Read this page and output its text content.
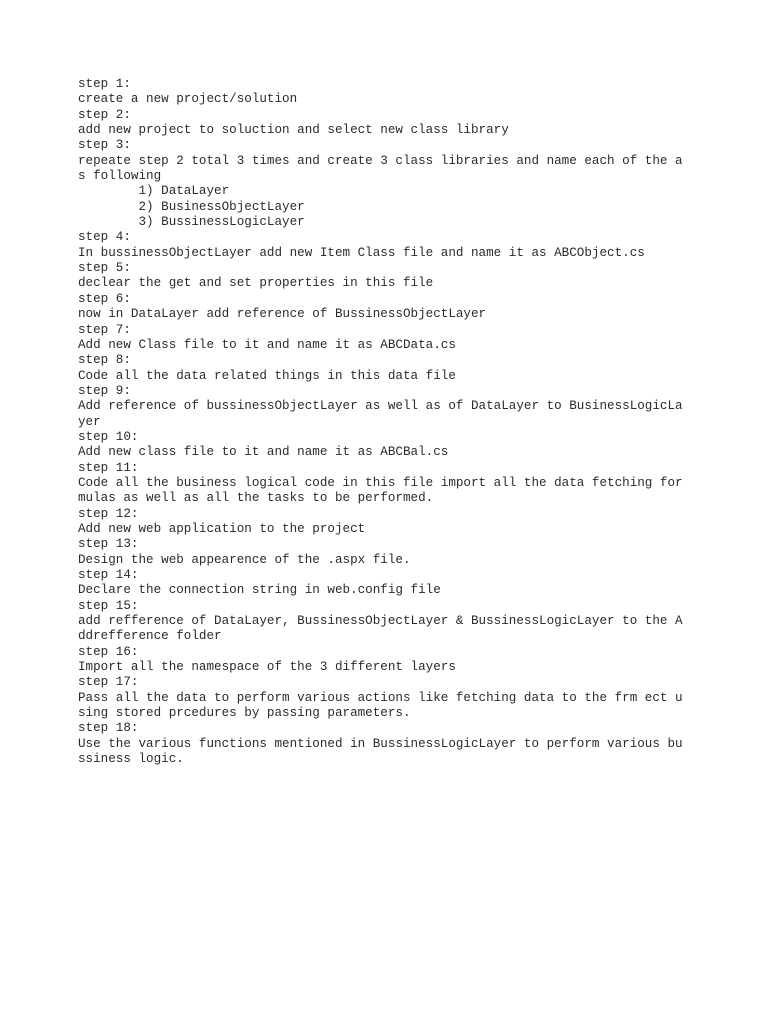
step 1:
create a new project/solution
step 2:
add new project to soluction and select new class library
step 3:
repeate step 2 total 3 times and create 3 class libraries and name each of the a
s following
1) DataLayer
2) BusinessObjectLayer
3) BussinessLogicLayer
step 4:
In bussinessObjectLayer add new Item Class file and name it as ABCObject.cs
step 5:
declear the get and set properties in this file
step 6:
now in DataLayer add reference of BussinessObjectLayer
step 7:
Add new Class file to it and name it as ABCData.cs
step 8:
Code all the data related things in this data file
step 9:
Add reference of bussinessObjectLayer as well as of DataLayer to BusinessLogicLa
yer
step 10:
Add new class file to it and name it as ABCBal.cs
step 11:
Code all the business logical code in this file import all the data fetching for
mulas as well as all the tasks to be performed.
step 12:
Add new web application to the project
step 13:
Design the web appearence of the .aspx file.
step 14:
Declare the connection string in web.config file
step 15:
add refference of DataLayer, BussinessObjectLayer & BussinessLogicLayer to the A
ddrefference folder
step 16:
Import all the namespace of the 3 different layers
step 17:
Pass all the data to perform various actions like fetching data to the frm ect u
sing stored prcedures by passing parameters.
step 18:
Use the various functions mentioned in BussinessLogicLayer to perform various bu
ssiness logic.
